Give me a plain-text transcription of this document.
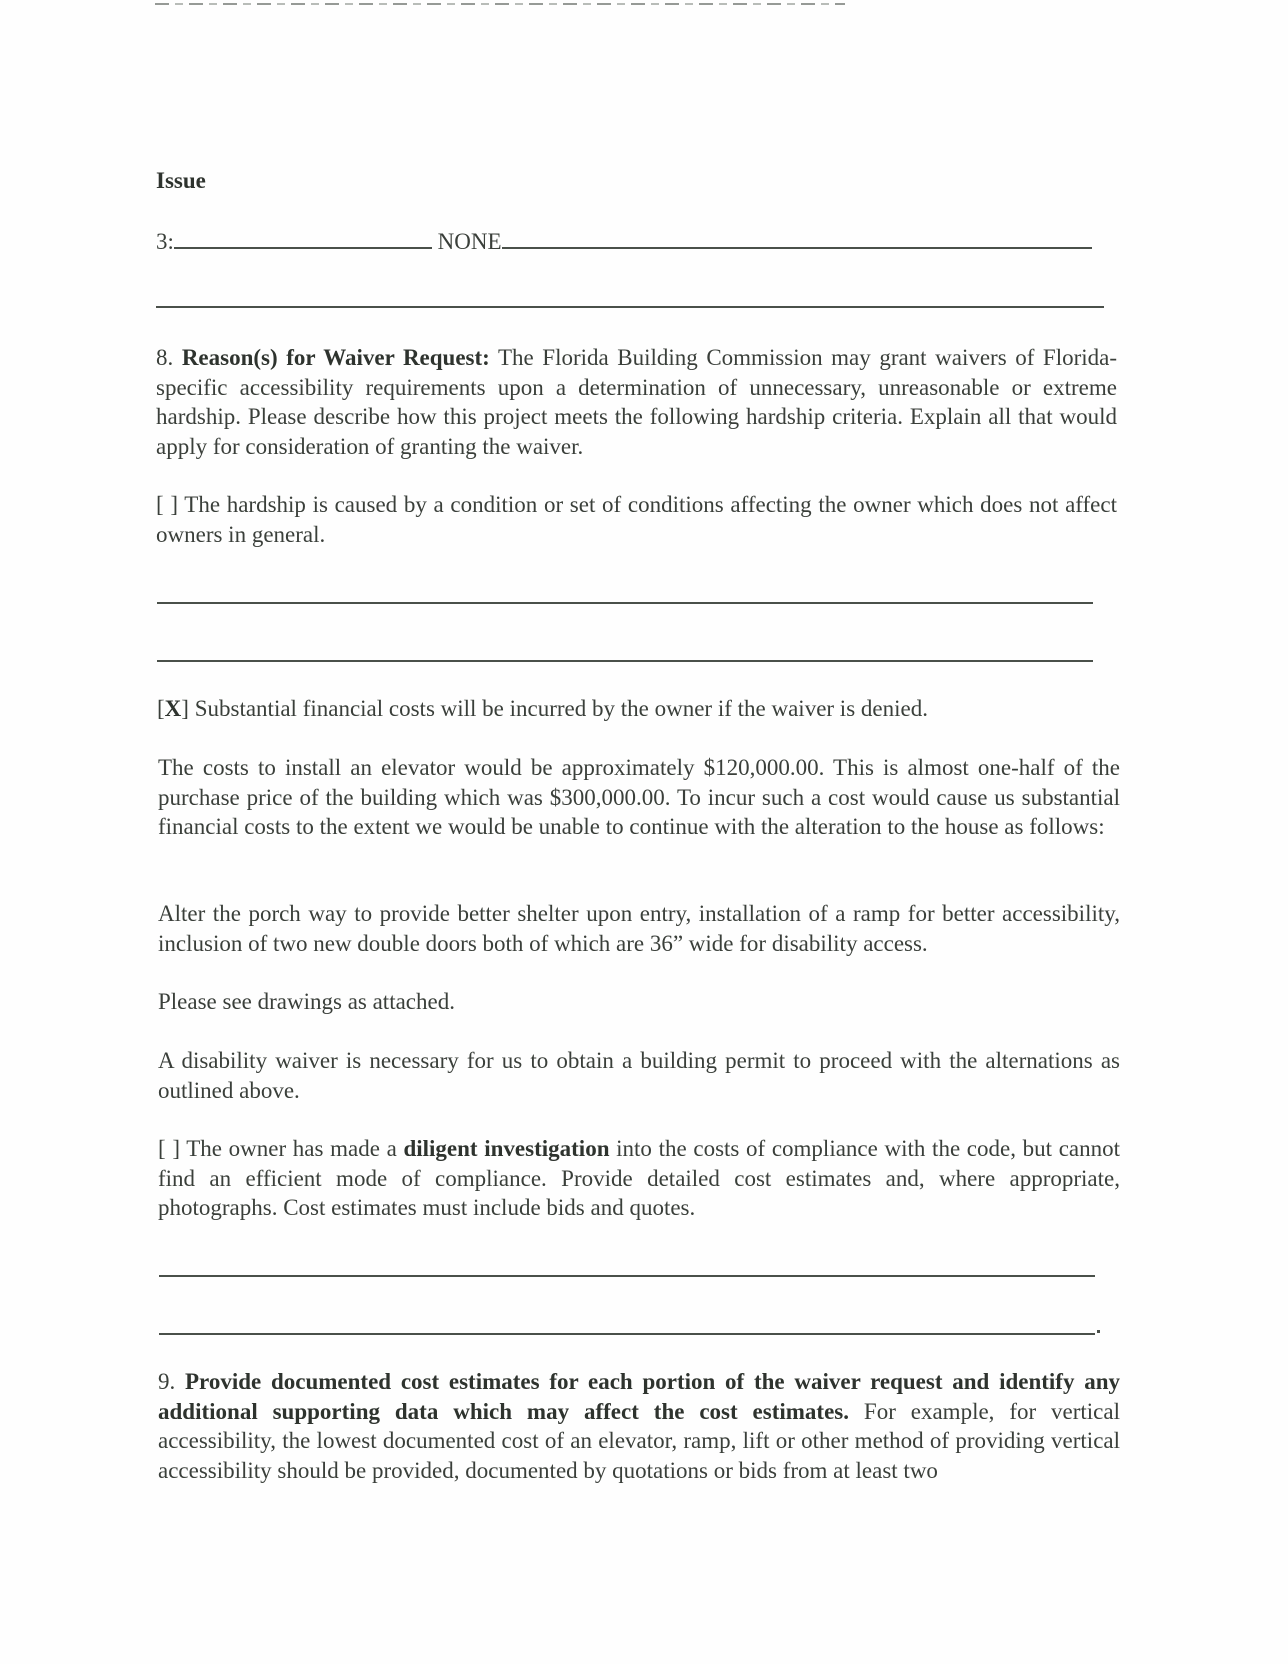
Issue
3:	NONE
8. Reason(s) for Waiver Request: The Florida Building Commission may grant waivers of Florida-specific accessibility requirements upon a determination of unnecessary, unreasonable or extreme hardship. Please describe how this project meets the following hardship criteria. Explain all that would apply for consideration of granting the waiver.
[ ] The hardship is caused by a condition or set of conditions affecting the owner which does not affect owners in general.
[X] Substantial financial costs will be incurred by the owner if the waiver is denied.
The costs to install an elevator would be approximately $120,000.00. This is almost one-half of the purchase price of the building which was $300,000.00. To incur such a cost would cause us substantial financial costs to the extent we would be unable to continue with the alteration to the house as follows:
Alter the porch way to provide better shelter upon entry, installation of a ramp for better accessibility, inclusion of two new double doors both of which are 36” wide for disability access.
Please see drawings as attached.
A disability waiver is necessary for us to obtain a building permit to proceed with the alternations as outlined above.
[ ] The owner has made a diligent investigation into the costs of compliance with the code, but cannot find an efficient mode of compliance. Provide detailed cost estimates and, where appropriate, photographs. Cost estimates must include bids and quotes.
9. Provide documented cost estimates for each portion of the waiver request and identify any additional supporting data which may affect the cost estimates. For example, for vertical accessibility, the lowest documented cost of an elevator, ramp, lift or other method of providing vertical accessibility should be provided, documented by quotations or bids from at least two
